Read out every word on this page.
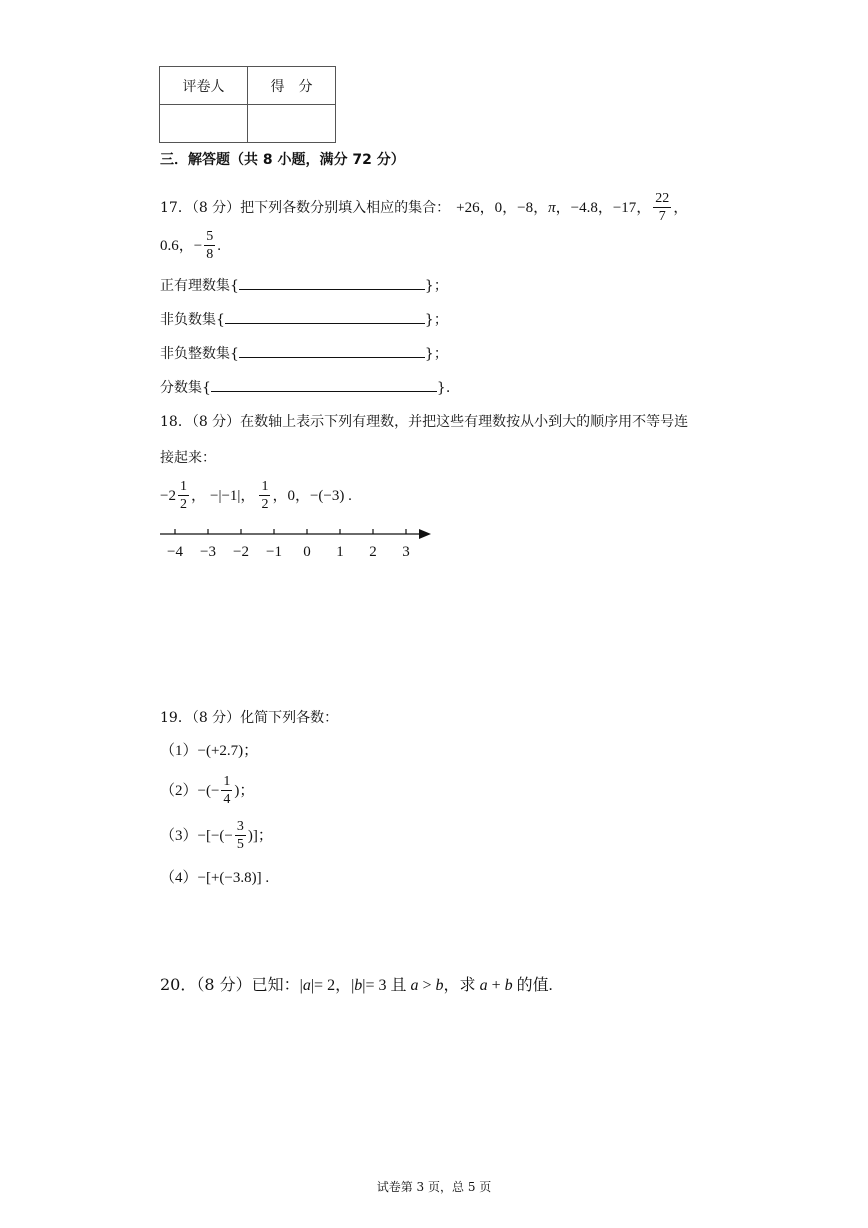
评卷人	得　分

三．解答题（共 8 小题，满分 72 分）
17．（8 分）把下列各数分别填入相应的集合： +26，0，−8， π ，−4.8，−17， $\frac{22}{7}$ ，
0.6， − $\frac{5}{8}$ .
正有理数集{	}；
非负数集{	}；
非负整数集{	}；
分数集{	}.
18．（8 分）在数轴上表示下列有理数，并把这些有理数按从小到大的顺序用不等号连
接起来：
$-2 \frac{1}{2}$ ， −|−1| ， $\frac{1}{2}$ ，0，−(−3) .
−4 −3 −2 −1 0 1 2 3
19．（8 分）化简下列各数：
（1）−(+2.7)；
$(2)-(- \frac{1}{4}$ )；
$(3)-[-(- \frac{3}{5}$ )]；
（4）−[+(−3.8)] .
20．（8 分）已知： | a |= 2，| b |= 3 且 a > b ，求 a + b 的值.
试卷第 3 页，总 5 页
